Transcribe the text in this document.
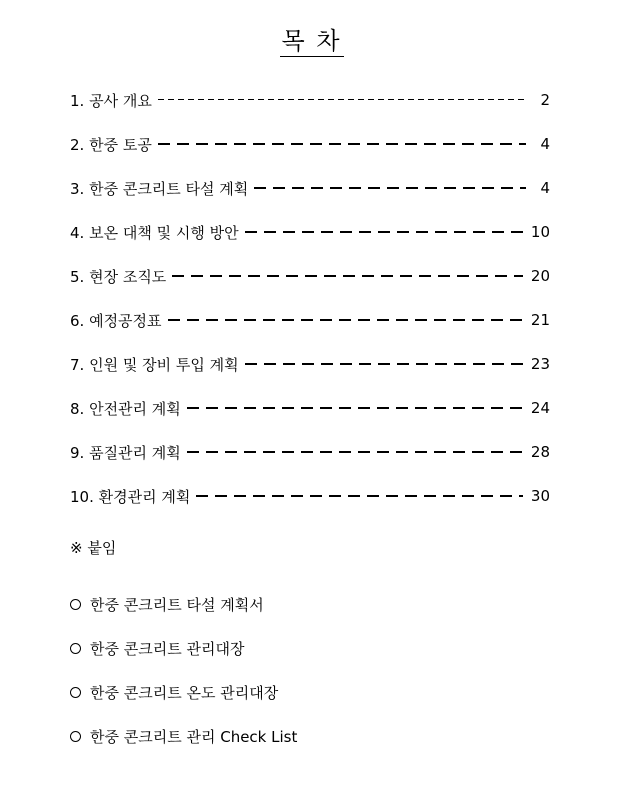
목 차
1. 공사 개요	2
2. 한중 토공	4
3. 한중 콘크리트 타설 계획	4
4. 보온 대책 및 시행 방안	10
5. 현장 조직도	20
6. 예정공정표	21
7. 인원 및 장비 투입 계획	23
8. 안전관리 계획	24
9. 품질관리 계획	28
10. 환경관리 계획	30
※ 붙임
한중 콘크리트 타설 계획서
한중 콘크리트 관리대장
한중 콘크리트 온도 관리대장
한중 콘크리트 관리 Check List
